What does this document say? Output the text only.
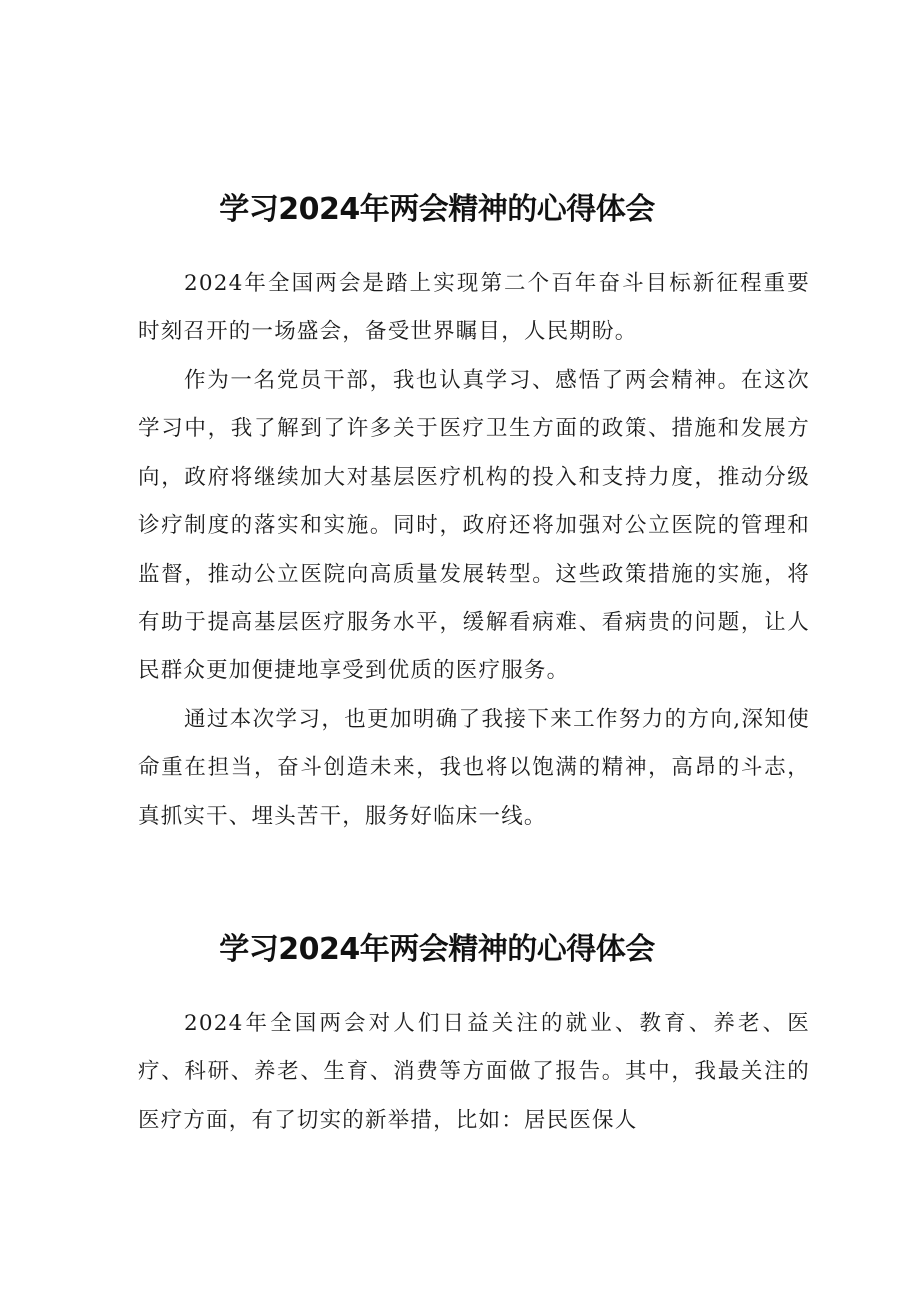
学习2024年两会精神的心得体会

2024年全国两会是踏上实现第二个百年奋斗目标新征程重要时刻召开的一场盛会，备受世界瞩目，人民期盼。

作为一名党员干部，我也认真学习、感悟了两会精神。在这次学习中，我了解到了许多关于医疗卫生方面的政策、措施和发展方向，政府将继续加大对基层医疗机构的投入和支持力度，推动分级诊疗制度的落实和实施。同时，政府还将加强对公立医院的管理和监督，推动公立医院向高质量发展转型。这些政策措施的实施，将有助于提高基层医疗服务水平，缓解看病难、看病贵的问题，让人民群众更加便捷地享受到优质的医疗服务。

通过本次学习，也更加明确了我接下来工作努力的方向,深知使命重在担当，奋斗创造未来，我也将以饱满的精神，高昂的斗志，真抓实干、埋头苦干，服务好临床一线。

学习2024年两会精神的心得体会

2024年全国两会对人们日益关注的就业、教育、养老、医疗、科研、养老、生育、消费等方面做了报告。其中，我最关注的医疗方面，有了切实的新举措，比如：居民医保人
